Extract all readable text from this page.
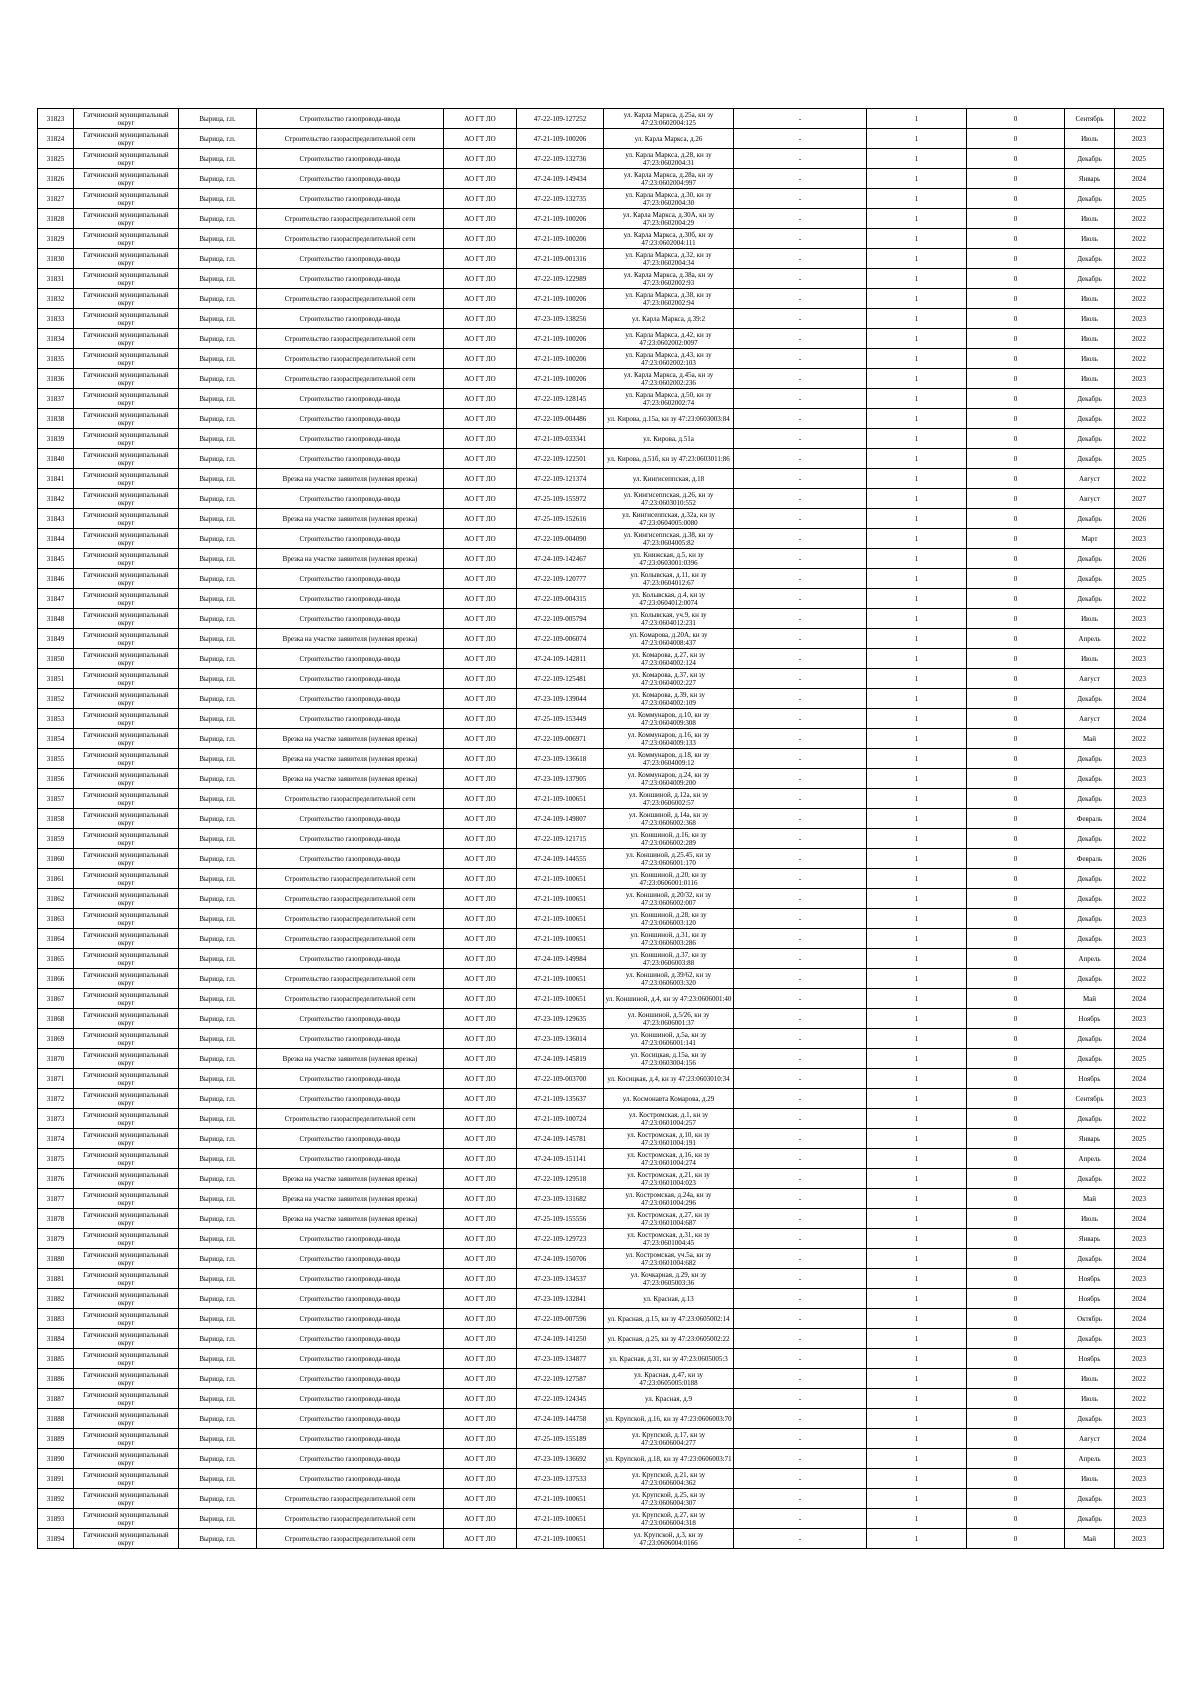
31823	Гатчинский муниципальный округ	Вырица, г.п.	Строительство газопровода-ввода	АО ГТ ЛО	47-22-109-127252	ул. Карла Маркса, д.25а, кн зу 47:23:0602004:125	-	1	0	Сентябрь	2022
31824	Гатчинский муниципальный округ	Вырица, г.п.	Строительство газораспределительной сети	АО ГТ ЛО	47-21-109-100206	ул. Карла Маркса, д.26	-	1	0	Июль	2023
31825	Гатчинский муниципальный округ	Вырица, г.п.	Строительство газопровода-ввода	АО ГТ ЛО	47-22-109-132736	ул. Карла Маркса, д.28, кн зу 47:23:0602004:31	-	1	0	Декабрь	2025
31826	Гатчинский муниципальный округ	Вырица, г.п.	Строительство газопровода-ввода	АО ГТ ЛО	47-24-109-149434	ул. Карла Маркса, д.28а, кн зу 47:23:0602004:997	-	1	0	Январь	2024
31827	Гатчинский муниципальный округ	Вырица, г.п.	Строительство газопровода-ввода	АО ГТ ЛО	47-22-109-132735	ул. Карла Маркса, д.30, кн зу 47:23:0602004:30	-	1	0	Декабрь	2025
31828	Гатчинский муниципальный округ	Вырица, г.п.	Строительство газораспределительной сети	АО ГТ ЛО	47-21-109-100206	ул. Карла Маркса, д.30А, кн зу 47:23:0602004:29	-	1	0	Июль	2022
31829	Гатчинский муниципальный округ	Вырица, г.п.	Строительство газораспределительной сети	АО ГТ ЛО	47-21-109-100206	ул. Карла Маркса, д.30б, кн зу 47:23:0602004:111	-	1	0	Июль	2022
31830	Гатчинский муниципальный округ	Вырица, г.п.	Строительство газопровода-ввода	АО ГТ ЛО	47-21-109-001316	ул. Карла Маркса, д.32, кн зу 47:23:0602004:34	-	1	0	Декабрь	2022
31831	Гатчинский муниципальный округ	Вырица, г.п.	Строительство газопровода-ввода	АО ГТ ЛО	47-22-109-122989	ул. Карла Маркса, д.38а, кн зу 47:23:0602002:93	-	1	0	Декабрь	2022
31832	Гатчинский муниципальный округ	Вырица, г.п.	Строительство газораспределительной сети	АО ГТ ЛО	47-21-109-100206	ул. Карла Маркса, д.38, кн зу 47:23:0602002:94	-	1	0	Июль	2022
31833	Гатчинский муниципальный округ	Вырица, г.п.	Строительство газопровода-ввода	АО ГТ ЛО	47-23-109-138256	ул. Карла Маркса, д.39:2	-	1	0	Июль	2023
31834	Гатчинский муниципальный округ	Вырица, г.п.	Строительство газораспределительной сети	АО ГТ ЛО	47-21-109-100206	ул. Карла Маркса, д.42, кн зу 47:23:0602002:0097	-	1	0	Июль	2022
31835	Гатчинский муниципальный округ	Вырица, г.п.	Строительство газораспределительной сети	АО ГТ ЛО	47-21-109-100206	ул. Карла Маркса, д.43, кн зу 47:23:0602002:103	-	1	0	Июль	2022
31836	Гатчинский муниципальный округ	Вырица, г.п.	Строительство газораспределительной сети	АО ГТ ЛО	47-21-109-100206	ул. Карла Маркса, д.45а, кн зу 47:23:0602002:236	-	1	0	Июль	2023
31837	Гатчинский муниципальный округ	Вырица, г.п.	Строительство газопровода-ввода	АО ГТ ЛО	47-22-109-128145	ул. Карла Маркса, д.50, кн зу 47:23:0602002:74	-	1	0	Декабрь	2023
31838	Гатчинский муниципальный округ	Вырица, г.п.	Строительство газопровода-ввода	АО ГТ ЛО	47-22-109-004486	ул. Кирова, д.15а, кн зу 47:23:0603003:84	-	1	0	Декабрь	2022
31839	Гатчинский муниципальный округ	Вырица, г.п.	Строительство газопровода-ввода	АО ГТ ЛО	47-21-109-033341	ул. Кирова, д.51а	-	1	0	Декабрь	2022
31840	Гатчинский муниципальный округ	Вырица, г.п.	Строительство газопровода-ввода	АО ГТ ЛО	47-22-109-122501	ул. Кирова, д.51б, кн зу 47:23:0603011:86	-	1	0	Декабрь	2025
31841	Гатчинский муниципальный округ	Вырица, г.п.	Врезка на участке заявителя (нулевая врезка)	АО ГТ ЛО	47-22-109-121374	ул. Кингисеппская, д.18	-	1	0	Август	2022
31842	Гатчинский муниципальный округ	Вырица, г.п.	Строительство газопровода-ввода	АО ГТ ЛО	47-25-109-155972	ул. Кингисеппская, д.26, кн зу 47:23:0603010:552	-	1	0	Август	2027
31843	Гатчинский муниципальный округ	Вырица, г.п.	Врезка на участке заявителя (нулевая врезка)	АО ГТ ЛО	47-25-109-152616	ул. Кингисеппская, д.32а, кн зу 47:23:0604005:0080	-	1	0	Декабрь	2026
31844	Гатчинский муниципальный округ	Вырица, г.п.	Строительство газопровода-ввода	АО ГТ ЛО	47-22-109-004090	ул. Кингисеппская, д.38, кн зу 47:23:0604005:82	-	1	0	Март	2023
31845	Гатчинский муниципальный округ	Вырица, г.п.	Врезка на участке заявителя (нулевая врезка)	АО ГТ ЛО	47-24-109-142467	ул. Книжская, д.5, кн зу 47:23:0603001:0396	-	1	0	Декабрь	2026
31846	Гатчинский муниципальный округ	Вырица, г.п.	Строительство газопровода-ввода	АО ГТ ЛО	47-22-109-120777	ул. Колывская, д.11, кн зу 47:23:0604012:67	-	1	0	Декабрь	2025
31847	Гатчинский муниципальный округ	Вырица, г.п.	Строительство газопровода-ввода	АО ГТ ЛО	47-22-109-004315	ул. Колывская, д.4, кн зу 47:23:0604012:0074	-	1	0	Декабрь	2022
31848	Гатчинский муниципальный округ	Вырица, г.п.	Строительство газопровода-ввода	АО ГТ ЛО	47-22-109-005794	ул. Колывская, уч.9, кн зу 47:23:0604012:231	-	1	0	Июль	2023
31849	Гатчинский муниципальный округ	Вырица, г.п.	Врезка на участке заявителя (нулевая врезка)	АО ГТ ЛО	47-22-109-006074	ул. Комарова, д.20А, кн зу 47:23:0604008:437	-	1	0	Апрель	2022
31850	Гатчинский муниципальный округ	Вырица, г.п.	Строительство газопровода-ввода	АО ГТ ЛО	47-24-109-142811	ул. Комарова, д.27, кн зу 47:23:0604002:124	-	1	0	Июль	2023
31851	Гатчинский муниципальный округ	Вырица, г.п.	Строительство газопровода-ввода	АО ГТ ЛО	47-22-109-125481	ул. Комарова, д.37, кн зу 47:23:0604002:227	-	1	0	Август	2023
31852	Гатчинский муниципальный округ	Вырица, г.п.	Строительство газопровода-ввода	АО ГТ ЛО	47-23-109-139044	ул. Комарова, д.39, кн зу 47:23:0604002:109	-	1	0	Декабрь	2024
31853	Гатчинский муниципальный округ	Вырица, г.п.	Строительство газопровода-ввода	АО ГТ ЛО	47-25-109-153449	ул. Коммунаров, д.10, кн зу 47:23:0604009:308	-	1	0	Август	2024
31854	Гатчинский муниципальный округ	Вырица, г.п.	Врезка на участке заявителя (нулевая врезка)	АО ГТ ЛО	47-22-109-006971	ул. Коммунаров, д.16, кн зу 47:23:0604009:133	-	1	0	Май	2022
31855	Гатчинский муниципальный округ	Вырица, г.п.	Врезка на участке заявителя (нулевая врезка)	АО ГТ ЛО	47-23-109-136618	ул. Коммунаров, д.18, кн зу 47:23:0604009:12	-	1	0	Декабрь	2023
31856	Гатчинский муниципальный округ	Вырица, г.п.	Врезка на участке заявителя (нулевая врезка)	АО ГТ ЛО	47-23-109-137905	ул. Коммунаров, д.24, кн зу 47:23:0604009:200	-	1	0	Декабрь	2023
31857	Гатчинский муниципальный округ	Вырица, г.п.	Строительство газораспределительной сети	АО ГТ ЛО	47-21-109-100651	ул. Коншиной, д.12а, кн зу 47:23:0606002:57	-	1	0	Декабрь	2023
31858	Гатчинский муниципальный округ	Вырица, г.п.	Строительство газопровода-ввода	АО ГТ ЛО	47-24-109-149807	ул. Коншиной, д.14а, кн зу 47:23:0606002:368	-	1	0	Февраль	2024
31859	Гатчинский муниципальный округ	Вырица, г.п.	Строительство газопровода-ввода	АО ГТ ЛО	47-22-109-121715	ул. Коншиной, д.16, кн зу 47:23:0606002:289	-	1	0	Декабрь	2022
31860	Гатчинский муниципальный округ	Вырица, г.п.	Строительство газопровода-ввода	АО ГТ ЛО	47-24-109-144555	ул. Коншиной, д.25.45, кн зу 47:23:0606001:170	-	1	0	Февраль	2026
31861	Гатчинский муниципальный округ	Вырица, г.п.	Строительство газораспределительной сети	АО ГТ ЛО	47-21-109-100651	ул. Коншиной, д.20, кн зу 47:23:0606001:0116	-	1	0	Декабрь	2022
31862	Гатчинский муниципальный округ	Вырица, г.п.	Строительство газораспределительной сети	АО ГТ ЛО	47-21-109-100651	ул. Коншиной, д.20/32, кн зу 47:23:0606002:007	-	1	0	Декабрь	2022
31863	Гатчинский муниципальный округ	Вырица, г.п.	Строительство газораспределительной сети	АО ГТ ЛО	47-21-109-100651	ул. Коншиной, д.28, кн зу 47:23:0606003:120	-	1	0	Декабрь	2023
31864	Гатчинский муниципальный округ	Вырица, г.п.	Строительство газораспределительной сети	АО ГТ ЛО	47-21-109-100651	ул. Коншиной, д.31, кн зу 47:23:0606003:286	-	1	0	Декабрь	2023
31865	Гатчинский муниципальный округ	Вырица, г.п.	Строительство газопровода-ввода	АО ГТ ЛО	47-24-109-149984	ул. Коншиной, д.37, кн зу 47:23:0606003:88	-	1	0	Апрель	2024
31866	Гатчинский муниципальный округ	Вырица, г.п.	Строительство газораспределительной сети	АО ГТ ЛО	47-21-109-100651	ул. Коншиной, д.39/62, кн зу 47:23:0606003:320	-	1	0	Декабрь	2022
31867	Гатчинский муниципальный округ	Вырица, г.п.	Строительство газораспределительной сети	АО ГТ ЛО	47-21-109-100651	ул. Коншиной, д.4, кн зу 47:23:0606001:40	-	1	0	Май	2024
31868	Гатчинский муниципальный округ	Вырица, г.п.	Строительство газопровода-ввода	АО ГТ ЛО	47-23-109-129635	ул. Коншиной, д.5/26, кн зу 47:23:0606001:37	-	1	0	Ноябрь	2023
31869	Гатчинский муниципальный округ	Вырица, г.п.	Строительство газопровода-ввода	АО ГТ ЛО	47-23-109-136014	ул. Коншиной, д.5а, кн зу 47:23:0606001:141	-	1	0	Декабрь	2024
31870	Гатчинский муниципальный округ	Вырица, г.п.	Врезка на участке заявителя (нулевая врезка)	АО ГТ ЛО	47-24-109-145819	ул. Косицкая, д.15а, кн зу 47:23:0603004:156	-	1	0	Декабрь	2025
31871	Гатчинский муниципальный округ	Вырица, г.п.	Строительство газопровода-ввода	АО ГТ ЛО	47-22-109-003700	ул. Косицкая, д.4, кн зу 47:23:0603010:34	-	1	0	Ноябрь	2024
31872	Гатчинский муниципальный округ	Вырица, г.п.	Строительство газопровода-ввода	АО ГТ ЛО	47-21-109-135637	ул. Космонавта Комарова, д.29	-	1	0	Сентябрь	2023
31873	Гатчинский муниципальный округ	Вырица, г.п.	Строительство газораспределительной сети	АО ГТ ЛО	47-21-109-100724	ул. Костромская, д.1, кн зу 47:23:0601004:257	-	1	0	Декабрь	2022
31874	Гатчинский муниципальный округ	Вырица, г.п.	Строительство газопровода-ввода	АО ГТ ЛО	47-24-109-145781	ул. Костромская, д.10, кн зу 47:23:0601004:191	-	1	0	Январь	2025
31875	Гатчинский муниципальный округ	Вырица, г.п.	Строительство газопровода-ввода	АО ГТ ЛО	47-24-109-151141	ул. Костромская, д.16, кн зу 47:23:0601004:274	-	1	0	Апрель	2024
31876	Гатчинский муниципальный округ	Вырица, г.п.	Врезка на участке заявителя (нулевая врезка)	АО ГТ ЛО	47-22-109-129518	ул. Костромская, д.21, кн зу 47:23:0601004:023	-	1	0	Декабрь	2022
31877	Гатчинский муниципальный округ	Вырица, г.п.	Врезка на участке заявителя (нулевая врезка)	АО ГТ ЛО	47-23-109-131682	ул. Костромская, д.24а, кн зу 47:23:0601004:296	-	1	0	Май	2023
31878	Гатчинский муниципальный округ	Вырица, г.п.	Врезка на участке заявителя (нулевая врезка)	АО ГТ ЛО	47-25-109-155556	ул. Костромская, д.27, кн зу 47:23:0601004:687	-	1	0	Июль	2024
31879	Гатчинский муниципальный округ	Вырица, г.п.	Строительство газопровода-ввода	АО ГТ ЛО	47-22-109-129723	ул. Костромская, д.31, кн зу 47:23:0601004:45	-	1	0	Январь	2023
31880	Гатчинский муниципальный округ	Вырица, г.п.	Строительство газопровода-ввода	АО ГТ ЛО	47-24-109-150706	ул. Костромская, уч.5а, кн зу 47:23:0601004:682	-	1	0	Декабрь	2024
31881	Гатчинский муниципальный округ	Вырица, г.п.	Строительство газопровода-ввода	АО ГТ ЛО	47-23-109-134537	ул. Кочкарная, д.29, кн зу 47:23:0605003:36	-	1	0	Ноябрь	2023
31882	Гатчинский муниципальный округ	Вырица, г.п.	Строительство газопровода-ввода	АО ГТ ЛО	47-23-109-132841	ул. Красная, д.13	-	1	0	Ноябрь	2024
31883	Гатчинский муниципальный округ	Вырица, г.п.	Строительство газопровода-ввода	АО ГТ ЛО	47-22-109-007596	ул. Красная, д.15, кн зу 47:23:0605002:14	-	1	0	Октябрь	2024
31884	Гатчинский муниципальный округ	Вырица, г.п.	Строительство газопровода-ввода	АО ГТ ЛО	47-24-109-141250	ул. Красная, д.25, кн зу 47:23:0605002:22	-	1	0	Декабрь	2023
31885	Гатчинский муниципальный округ	Вырица, г.п.	Строительство газопровода-ввода	АО ГТ ЛО	47-23-109-134877	ул. Красная, д.31, кн зу 47:23:0605005:3	-	1	0	Ноябрь	2023
31886	Гатчинский муниципальный округ	Вырица, г.п.	Строительство газопровода-ввода	АО ГТ ЛО	47-22-109-127587	ул. Красная, д.47, кн зу 47:23:0605005:0188	-	1	0	Июль	2022
31887	Гатчинский муниципальный округ	Вырица, г.п.	Строительство газопровода-ввода	АО ГТ ЛО	47-22-109-124345	ул. Красная, д.9	-	1	0	Июль	2022
31888	Гатчинский муниципальный округ	Вырица, г.п.	Строительство газопровода-ввода	АО ГТ ЛО	47-24-109-144758	ул. Крупской, д.16, кн зу 47:23:0606003:70	-	1	0	Декабрь	2023
31889	Гатчинский муниципальный округ	Вырица, г.п.	Строительство газопровода-ввода	АО ГТ ЛО	47-25-109-155189	ул. Крупской, д.17, кн зу 47:23:0606004:277	-	1	0	Август	2024
31890	Гатчинский муниципальный округ	Вырица, г.п.	Строительство газопровода-ввода	АО ГТ ЛО	47-23-109-136692	ул. Крупской, д.18, кн зу 47:23:0606003:71	-	1	0	Апрель	2023
31891	Гатчинский муниципальный округ	Вырица, г.п.	Строительство газопровода-ввода	АО ГТ ЛО	47-23-109-137533	ул. Крупской, д.21, кн зу 47:23:0606004:362	-	1	0	Июль	2023
31892	Гатчинский муниципальный округ	Вырица, г.п.	Строительство газораспределительной сети	АО ГТ ЛО	47-21-109-100651	ул. Крупской, д.25, кн зу 47:23:0606004:307	-	1	0	Декабрь	2023
31893	Гатчинский муниципальный округ	Вырица, г.п.	Строительство газораспределительной сети	АО ГТ ЛО	47-21-109-100651	ул. Крупской, д.27, кн зу 47:23:0606004:318	-	1	0	Декабрь	2023
31894	Гатчинский муниципальный округ	Вырица, г.п.	Строительство газораспределительной сети	АО ГТ ЛО	47-21-109-100651	ул. Крупской, д.3, кн зу 47:23:0606004:0166	-	1	0	Май	2023
